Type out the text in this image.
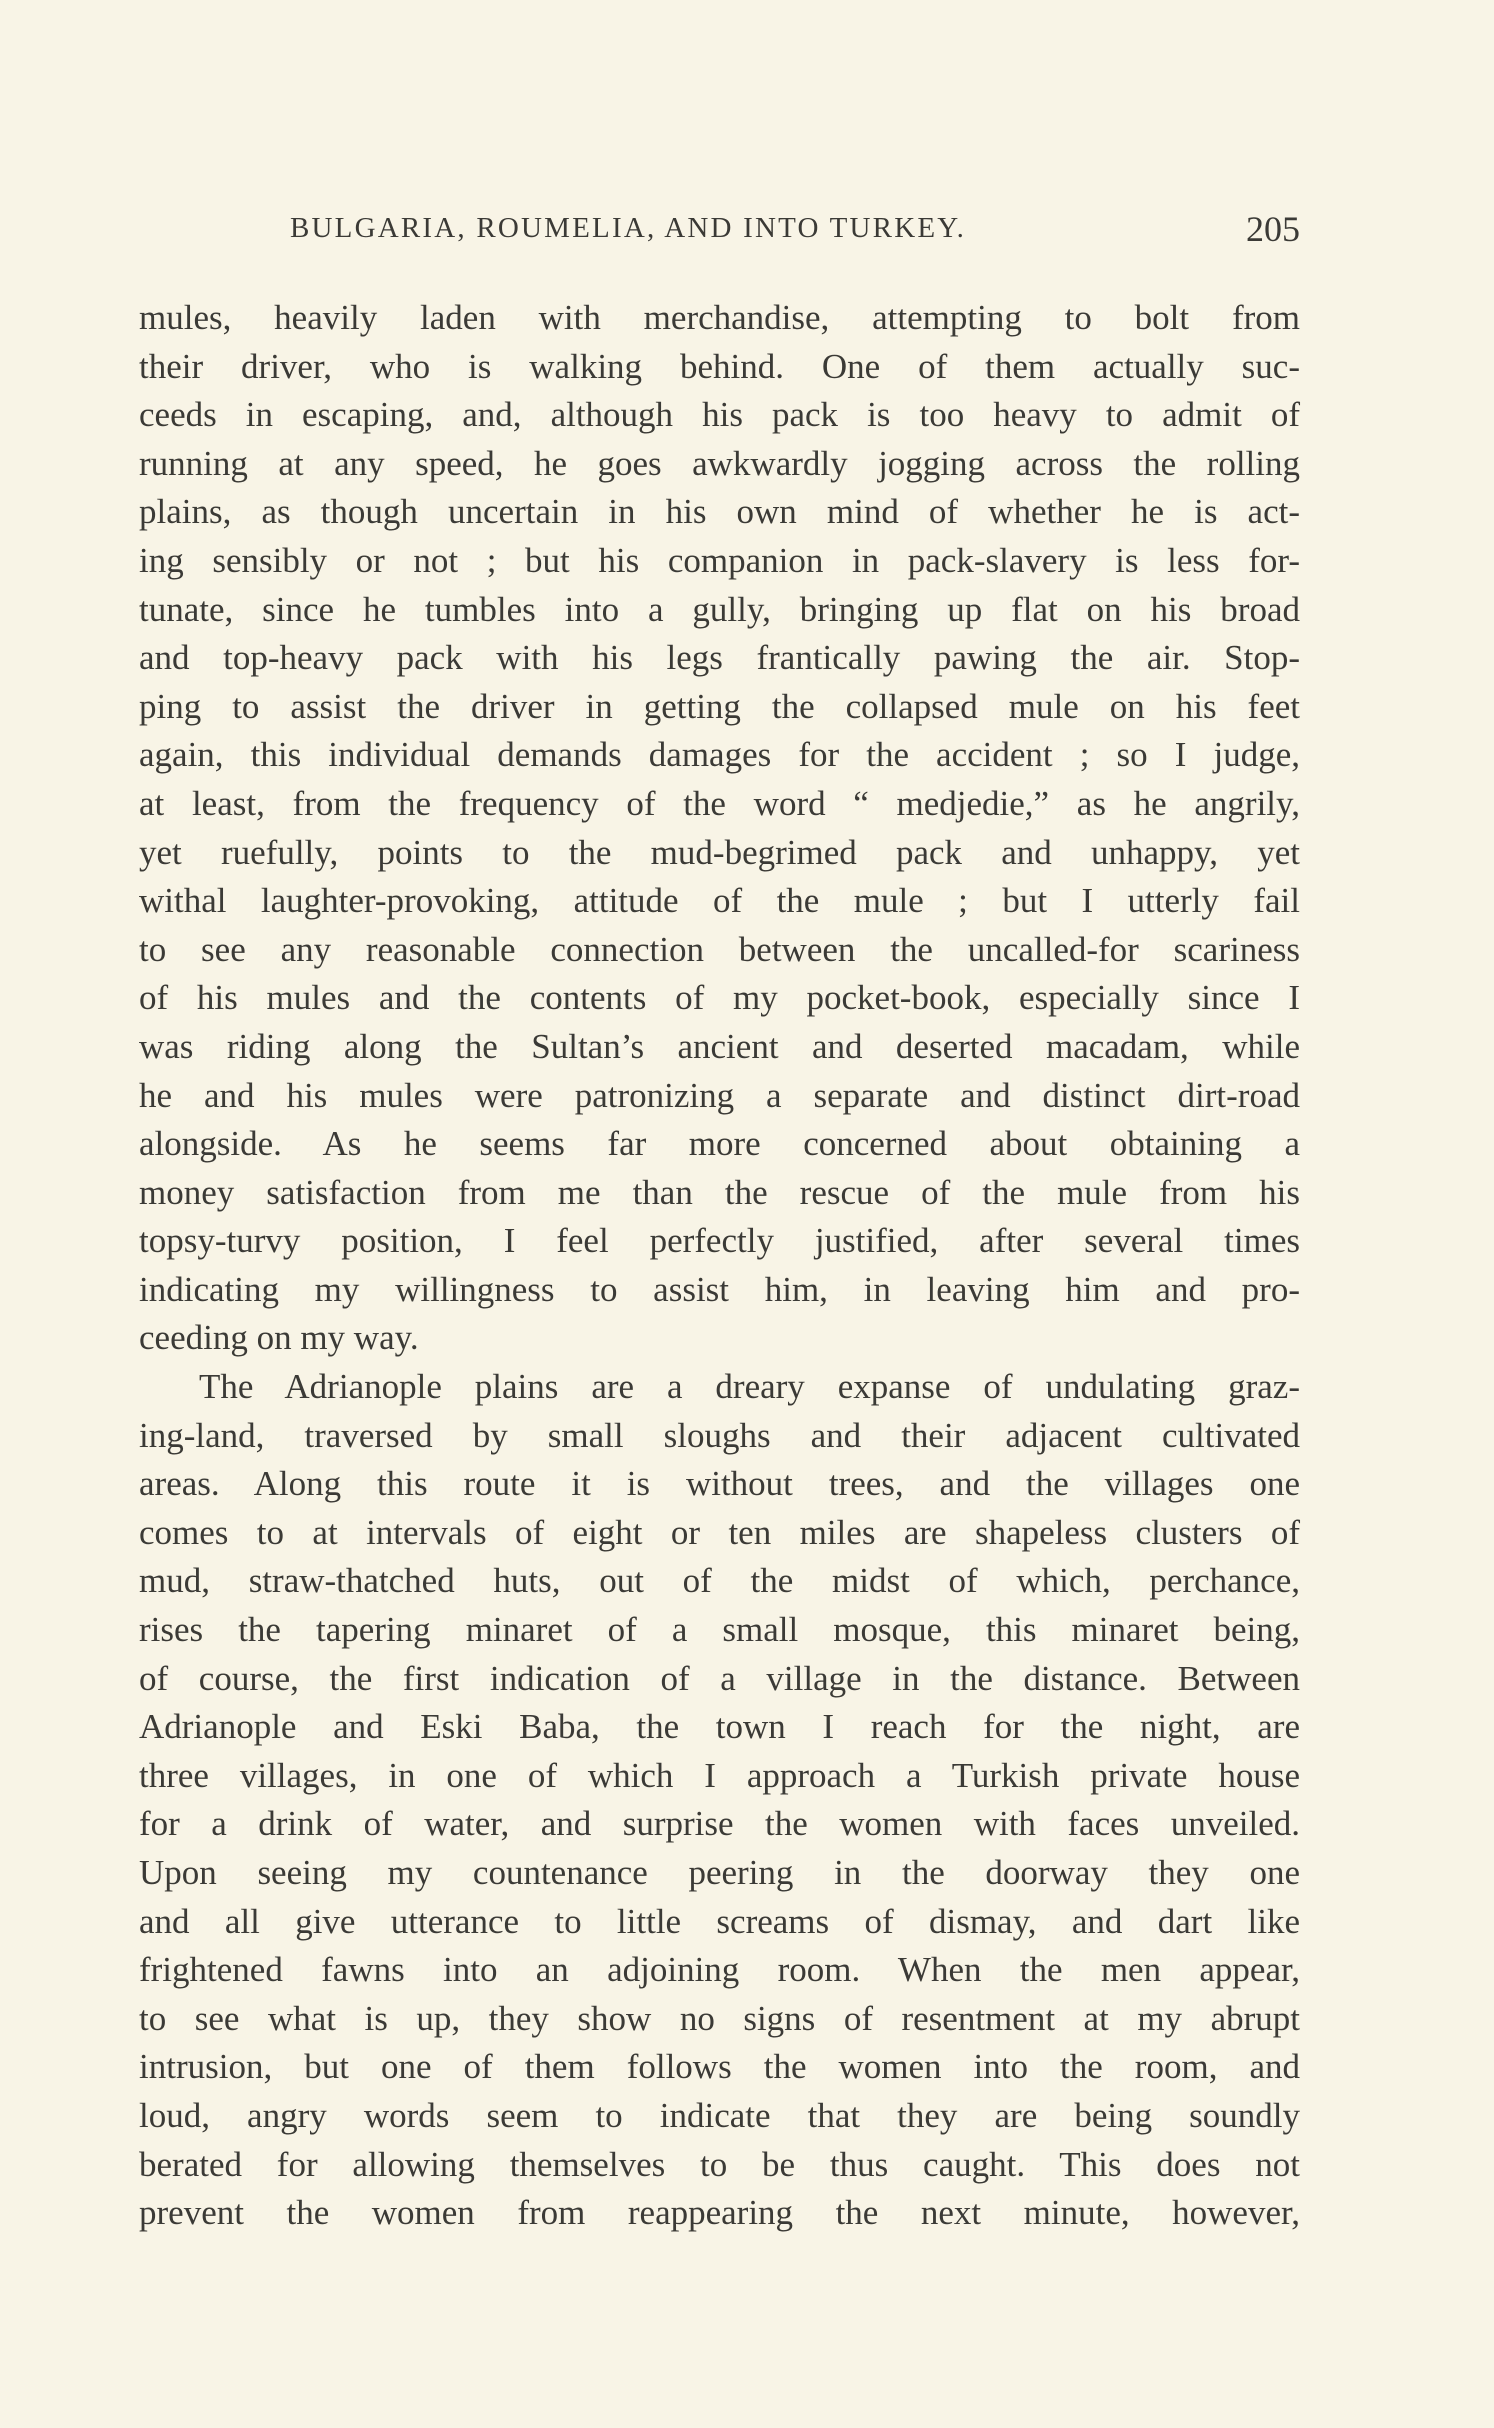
BULGARIA, ROUMELIA, AND INTO TURKEY.	205
mules, heavily laden with merchandise, attempting to bolt from
their driver, who is walking behind. One of them actually suc-
ceeds in escaping, and, although his pack is too heavy to admit of
running at any speed, he goes awkwardly jogging across the rolling
plains, as though uncertain in his own mind of whether he is act-
ing sensibly or not ; but his companion in pack-slavery is less for-
tunate, since he tumbles into a gully, bringing up flat on his broad
and top-heavy pack with his legs frantically pawing the air. Stop-
ping to assist the driver in getting the collapsed mule on his feet
again, this individual demands damages for the accident ; so I judge,
at least, from the frequency of the word “ medjedie,” as he angrily,
yet ruefully, points to the mud-begrimed pack and unhappy, yet
withal laughter-provoking, attitude of the mule ; but I utterly fail
to see any reasonable connection between the uncalled-for scariness
of his mules and the contents of my pocket-book, especially since I
was riding along the Sultan’s ancient and deserted macadam, while
he and his mules were patronizing a separate and distinct dirt-road
alongside. As he seems far more concerned about obtaining a
money satisfaction from me than the rescue of the mule from his
topsy-turvy position, I feel perfectly justified, after several times
indicating my willingness to assist him, in leaving him and pro-
ceeding on my way.
The Adrianople plains are a dreary expanse of undulating graz-
ing-land, traversed by small sloughs and their adjacent cultivated
areas. Along this route it is without trees, and the villages one
comes to at intervals of eight or ten miles are shapeless clusters of
mud, straw-thatched huts, out of the midst of which, perchance,
rises the tapering minaret of a small mosque, this minaret being,
of course, the first indication of a village in the distance. Between
Adrianople and Eski Baba, the town I reach for the night, are
three villages, in one of which I approach a Turkish private house
for a drink of water, and surprise the women with faces unveiled.
Upon seeing my countenance peering in the doorway they one
and all give utterance to little screams of dismay, and dart like
frightened fawns into an adjoining room. When the men appear,
to see what is up, they show no signs of resentment at my abrupt
intrusion, but one of them follows the women into the room, and
loud, angry words seem to indicate that they are being soundly
berated for allowing themselves to be thus caught. This does not
prevent the women from reappearing the next minute, however,
